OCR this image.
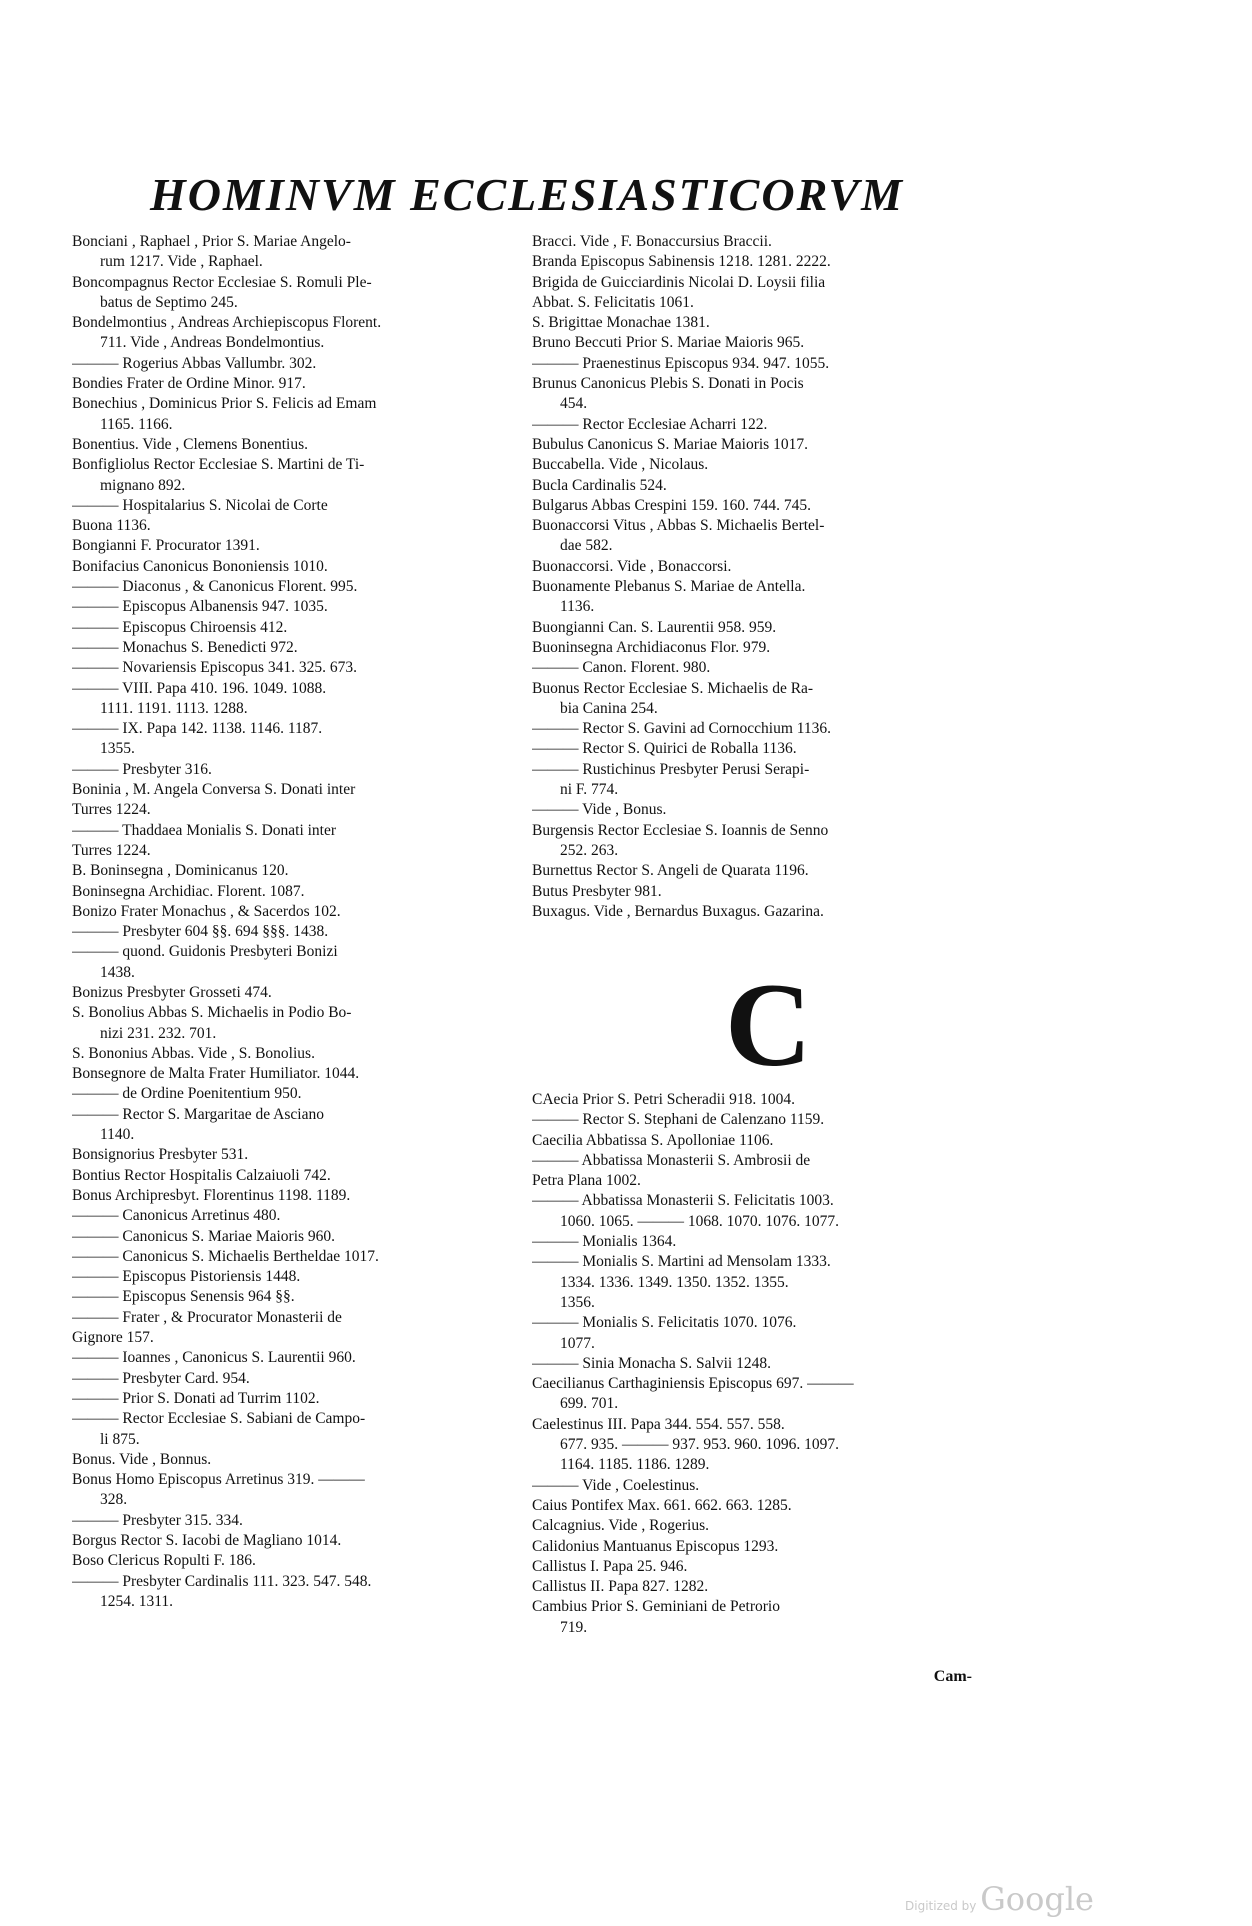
HOMINVM ECCLESIASTICORVM
Bonciani , Raphael , Prior S. Mariae Angelo-
rum 1217. Vide , Raphael.
Boncompagnus Rector Ecclesiae S. Romuli Ple-
batus de Septimo 245.
Bondelmontius , Andreas Archiepiscopus Florent.
711. Vide , Andreas Bondelmontius.
——— Rogerius Abbas Vallumbr. 302.
Bondies Frater de Ordine Minor. 917.
Bonechius , Dominicus Prior S. Felicis ad Emam
1165. 1166.
Bonentius. Vide , Clemens Bonentius.
Bonfigliolus Rector Ecclesiae S. Martini de Ti-
mignano 892.
——— Hospitalarius S. Nicolai de Corte
Buona 1136.
Bongianni F. Procurator 1391.
Bonifacius Canonicus Bononiensis 1010.
——— Diaconus , & Canonicus Florent. 995.
——— Episcopus Albanensis 947. 1035.
——— Episcopus Chiroensis 412.
——— Monachus S. Benedicti 972.
——— Novariensis Episcopus 341. 325. 673.
——— VIII. Papa 410. 196. 1049. 1088.
1111. 1191. 1113. 1288.
——— IX. Papa 142. 1138. 1146. 1187.
1355.
——— Presbyter 316.
Boninia , M. Angela Conversa S. Donati inter
Turres 1224.
——— Thaddaea Monialis S. Donati inter
Turres 1224.
B. Boninsegna , Dominicanus 120.
Boninsegna Archidiac. Florent. 1087.
Bonizo Frater Monachus , & Sacerdos 102.
——— Presbyter 604 §§. 694 §§§. 1438.
——— quond. Guidonis Presbyteri Bonizi
1438.
Bonizus Presbyter Grosseti 474.
S. Bonolius Abbas S. Michaelis in Podio Bo-
nizi 231. 232. 701.
S. Bononius Abbas. Vide , S. Bonolius.
Bonsegnore de Malta Frater Humiliator. 1044.
——— de Ordine Poenitentium 950.
——— Rector S. Margaritae de Asciano
1140.
Bonsignorius Presbyter 531.
Bontius Rector Hospitalis Calzaiuoli 742.
Bonus Archipresbyt. Florentinus 1198. 1189.
——— Canonicus Arretinus 480.
——— Canonicus S. Mariae Maioris 960.
——— Canonicus S. Michaelis Bertheldae 1017.
——— Episcopus Pistoriensis 1448.
——— Episcopus Senensis 964 §§.
——— Frater , & Procurator Monasterii de
Gignore 157.
——— Ioannes , Canonicus S. Laurentii 960.
——— Presbyter Card. 954.
——— Prior S. Donati ad Turrim 1102.
——— Rector Ecclesiae S. Sabiani de Campo-
li 875.
Bonus. Vide , Bonnus.
Bonus Homo Episcopus Arretinus 319. ———
328.
——— Presbyter 315. 334.
Borgus Rector S. Iacobi de Magliano 1014.
Boso Clericus Ropulti F. 186.
——— Presbyter Cardinalis 111. 323. 547. 548.
1254. 1311.
Bracci. Vide , F. Bonaccursius Braccii.
Branda Episcopus Sabinensis 1218. 1281. 2222.
Brigida de Guicciardinis Nicolai D. Loysii filia
Abbat. S. Felicitatis 1061.
S. Brigittae Monachae 1381.
Bruno Beccuti Prior S. Mariae Maioris 965.
——— Praenestinus Episcopus 934. 947. 1055.
Brunus Canonicus Plebis S. Donati in Pocis
454.
——— Rector Ecclesiae Acharri 122.
Bubulus Canonicus S. Mariae Maioris 1017.
Buccabella. Vide , Nicolaus.
Bucla Cardinalis 524.
Bulgarus Abbas Crespini 159. 160. 744. 745.
Buonaccorsi Vitus , Abbas S. Michaelis Bertel-
dae 582.
Buonaccorsi. Vide , Bonaccorsi.
Buonamente Plebanus S. Mariae de Antella.
1136.
Buongianni Can. S. Laurentii 958. 959.
Buoninsegna Archidiaconus Flor. 979.
——— Canon. Florent. 980.
Buonus Rector Ecclesiae S. Michaelis de Ra-
bia Canina 254.
——— Rector S. Gavini ad Cornocchium 1136.
——— Rector S. Quirici de Roballa 1136.
——— Rustichinus Presbyter Perusi Serapi-
ni F. 774.
——— Vide , Bonus.
Burgensis Rector Ecclesiae S. Ioannis de Senno
252. 263.
Burnettus Rector S. Angeli de Quarata 1196.
Butus Presbyter 981.
Buxagus. Vide , Bernardus Buxagus. Gazarina.
C
CAecia Prior S. Petri Scheradii 918. 1004.
——— Rector S. Stephani de Calenzano 1159.
Caecilia Abbatissa S. Apolloniae 1106.
——— Abbatissa Monasterii S. Ambrosii de
Petra Plana 1002.
——— Abbatissa Monasterii S. Felicitatis 1003.
1060. 1065. ——— 1068. 1070. 1076. 1077.
——— Monialis 1364.
——— Monialis S. Martini ad Mensolam 1333.
1334. 1336. 1349. 1350. 1352. 1355.
1356.
——— Monialis S. Felicitatis 1070. 1076.
1077.
——— Sinia Monacha S. Salvii 1248.
Caecilianus Carthaginiensis Episcopus 697. ———
699. 701.
Caelestinus III. Papa 344. 554. 557. 558.
677. 935. ——— 937. 953. 960. 1096. 1097.
1164. 1185. 1186. 1289.
——— Vide , Coelestinus.
Caius Pontifex Max. 661. 662. 663. 1285.
Calcagnius. Vide , Rogerius.
Calidonius Mantuanus Episcopus 1293.
Callistus I. Papa 25. 946.
Callistus II. Papa 827. 1282.
Cambius Prior S. Geminiani de Petrorio
719.
Cam-
Digitized by Google
